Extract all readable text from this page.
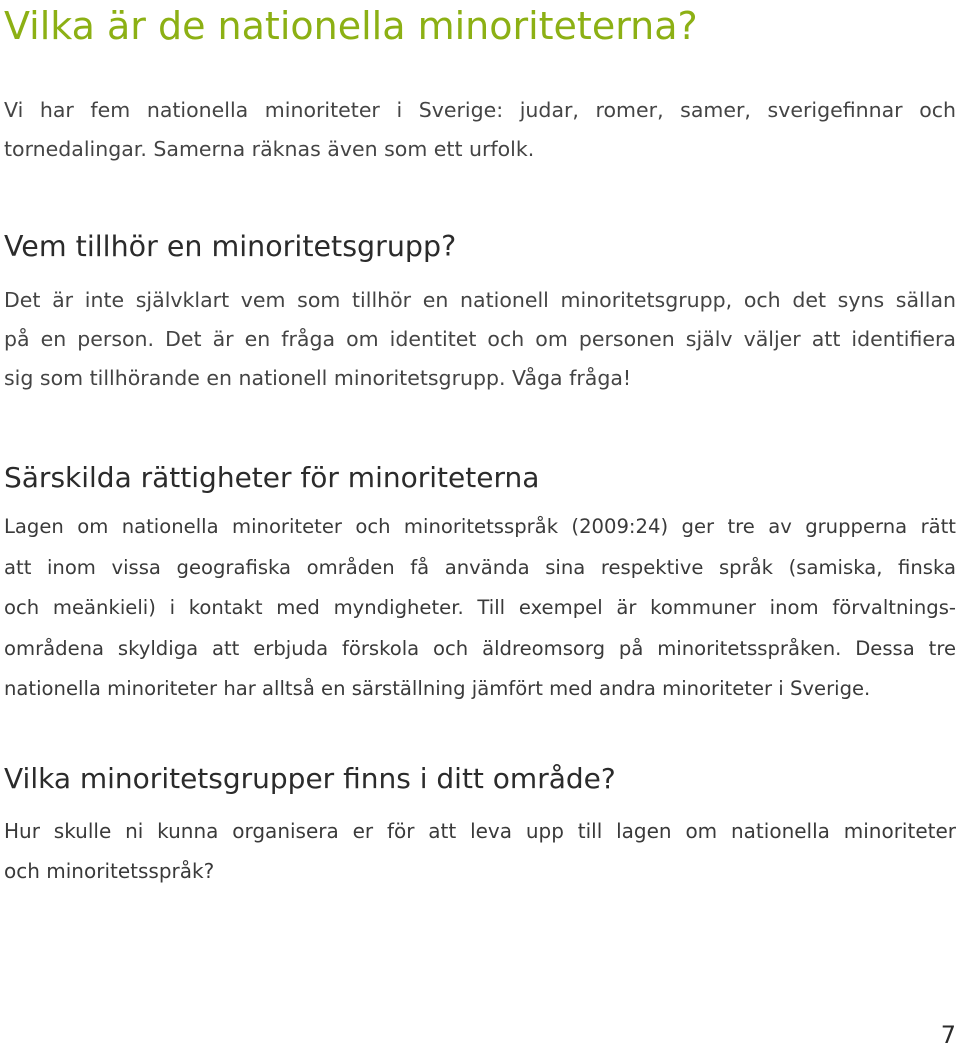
Vilka är de nationella minoriteterna?

Vi har fem nationella minoriteter i Sverige: judar, romer, samer, sverigefinnar och
tornedalingar. Samerna räknas även som ett urfolk.

Vem tillhör en minoritetsgrupp?

Det är inte självklart vem som tillhör en nationell minoritetsgrupp, och det syns sällan
på en person. Det är en fråga om identitet och om personen själv väljer att identifiera
sig som tillhörande en nationell minoritetsgrupp. Våga fråga!

Särskilda rättigheter för minoriteterna

Lagen om nationella minoriteter och minoritetsspråk (2009:24) ger tre av grupperna rätt
att inom vissa geografiska områden få använda sina respektive språk (samiska, finska
och meänkieli) i kontakt med myndigheter. Till exempel är kommuner inom förvaltnings-
områdena skyldiga att erbjuda förskola och äldreomsorg på minoritetsspråken. Dessa tre
nationella minoriteter har alltså en särställning jämfört med andra minoriteter i Sverige.

Vilka minoritetsgrupper finns i ditt område?

Hur skulle ni kunna organisera er för att leva upp till lagen om nationella minoriteter
och minoritetsspråk?

7
